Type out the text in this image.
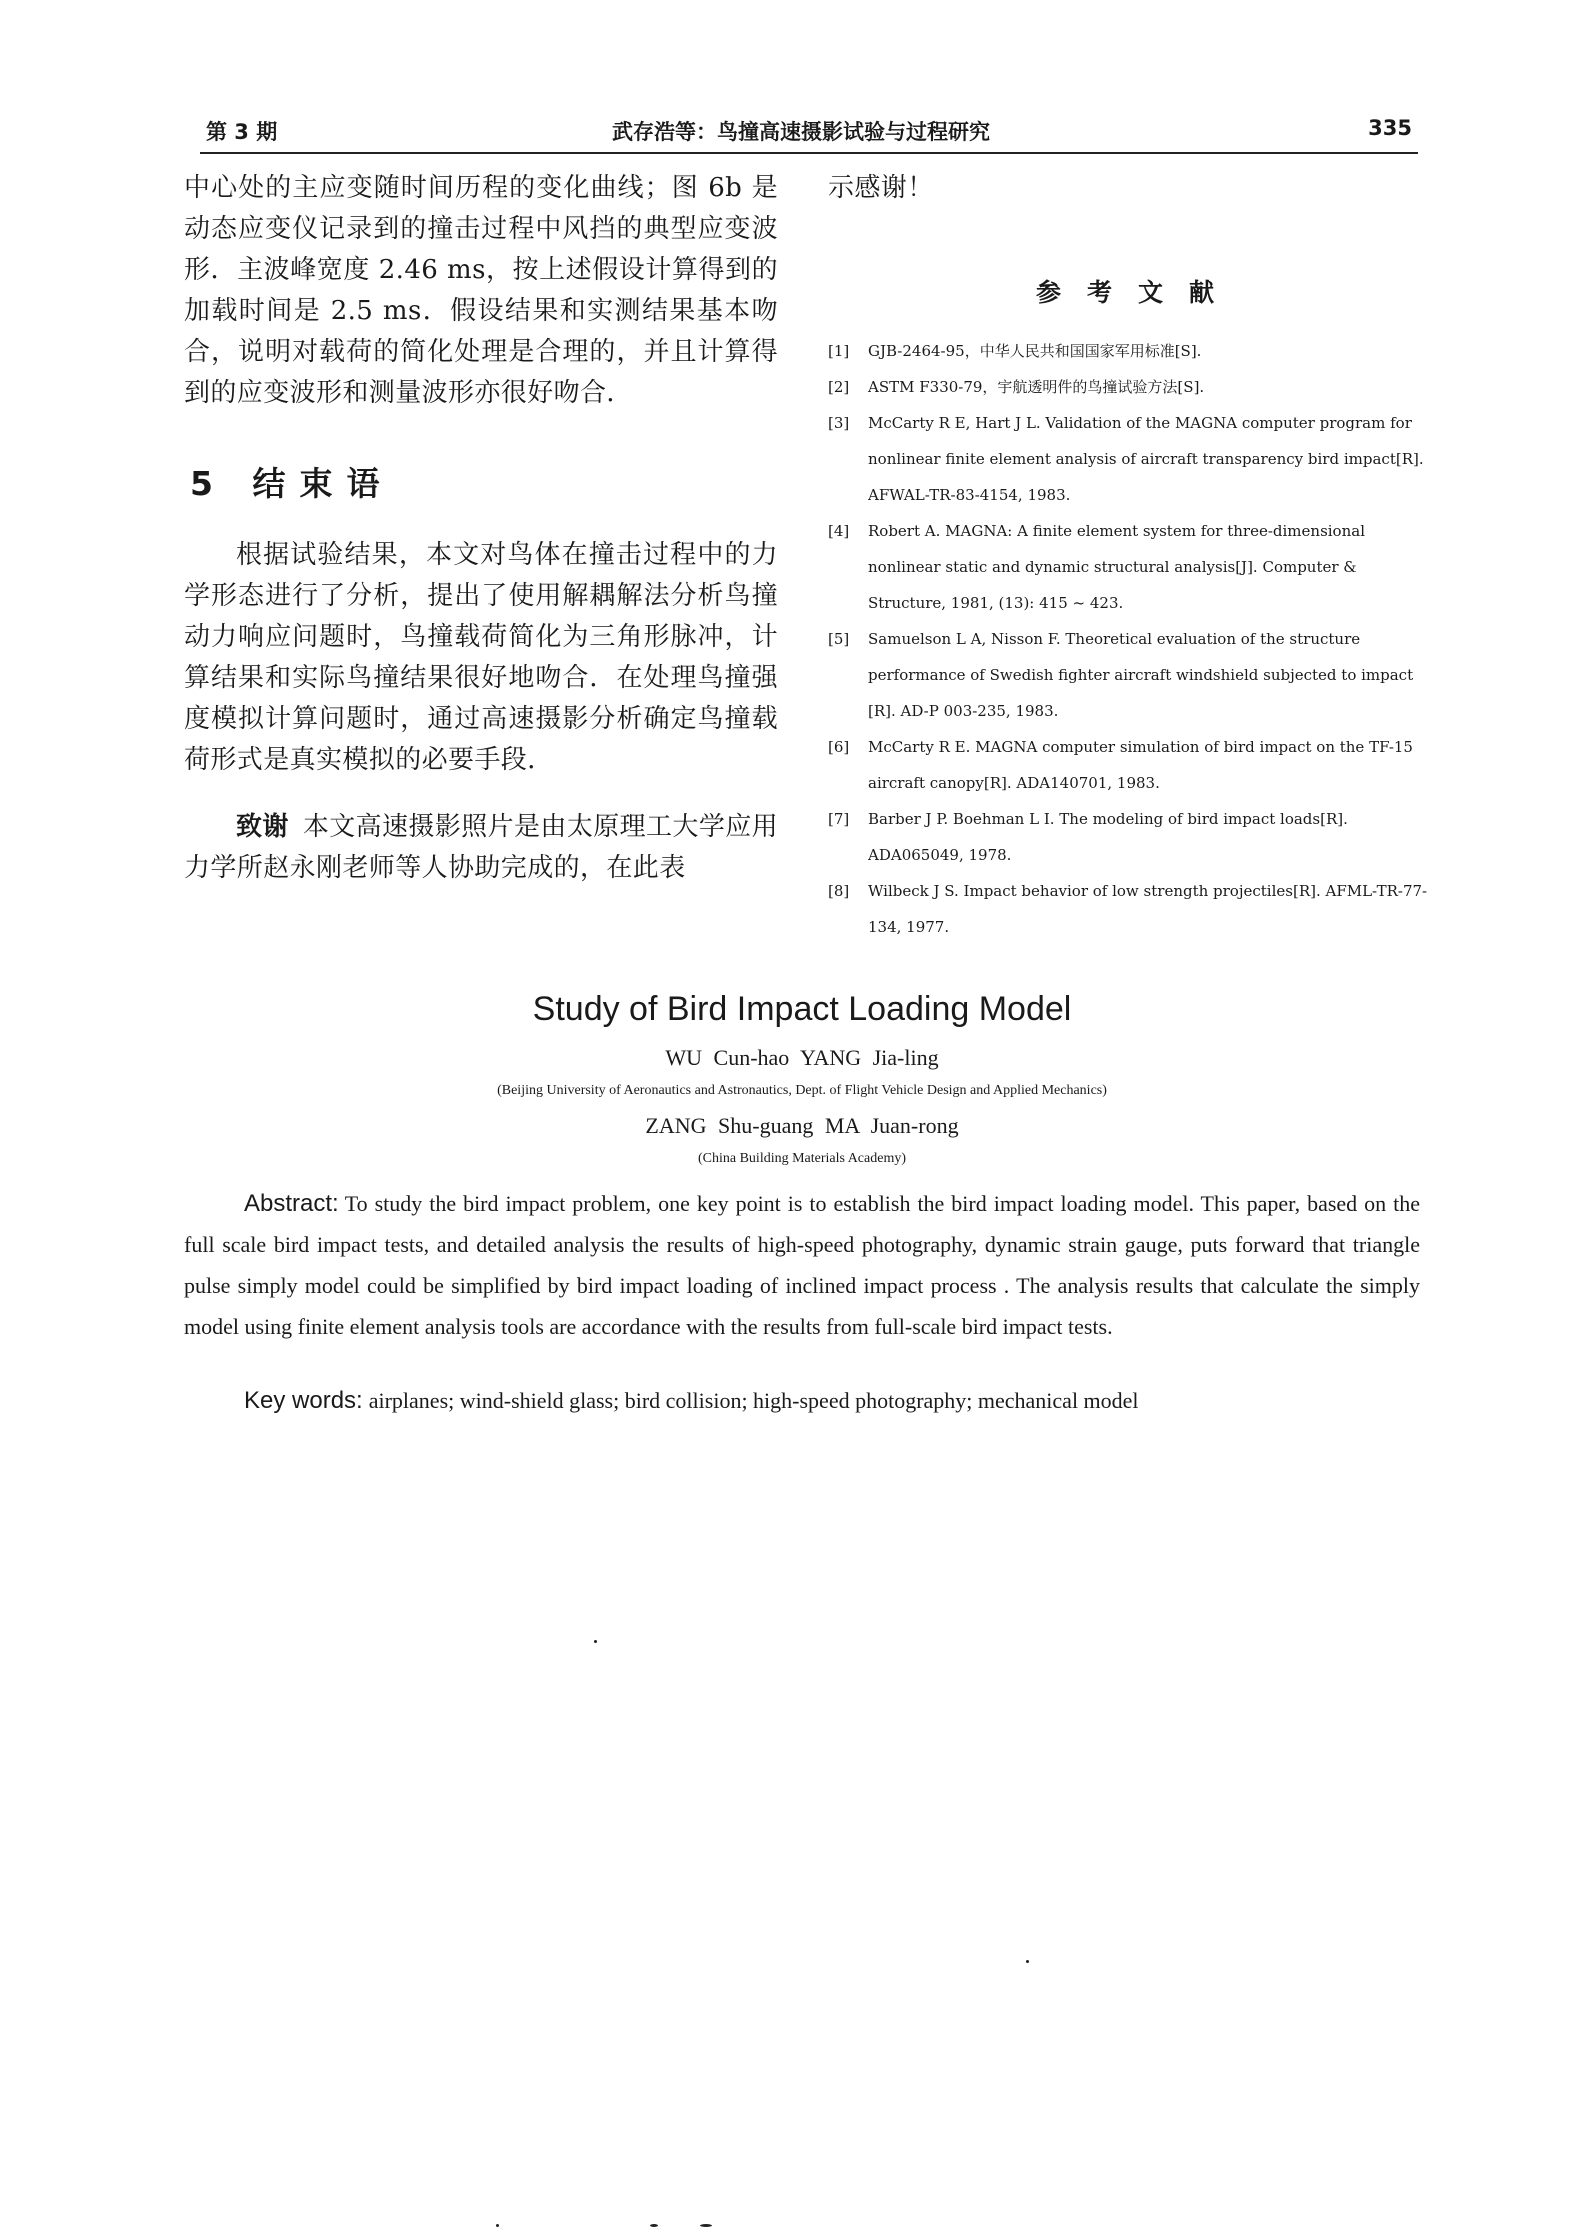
第 3 期	武存浩等：鸟撞高速摄影试验与过程研究	335

中心处的主应变随时间历程的变化曲线；图 6b 是动态应变仪记录到的撞击过程中风挡的典型应变波形．主波峰宽度 2.46 ms，按上述假设计算得到的加载时间是 2.5 ms．假设结果和实测结果基本吻合，说明对载荷的简化处理是合理的，并且计算得到的应变波形和测量波形亦很好吻合．

5 结束语

根据试验结果，本文对鸟体在撞击过程中的力学形态进行了分析，提出了使用解耦解法分析鸟撞动力响应问题时，鸟撞载荷简化为三角形脉冲，计算结果和实际鸟撞结果很好地吻合．在处理鸟撞强度模拟计算问题时，通过高速摄影分析确定鸟撞载荷形式是真实模拟的必要手段．

致谢 本文高速摄影照片是由太原理工大学应用力学所赵永刚老师等人协助完成的，在此表

示感谢！

参考文献
[1]	GJB-2464-95，中华人民共和国国家军用标准[S].
[2]	ASTM F330-79，宇航透明件的鸟撞试验方法[S].
[3]	McCarty R E, Hart J L. Validation of the MAGNA computer program for nonlinear finite element analysis of aircraft transparency bird impact[R]. AFWAL-TR-83-4154, 1983.
[4]	Robert A. MAGNA: A finite element system for three-dimensional nonlinear static and dynamic structural analysis[J]. Computer & Structure, 1981, (13): 415 ~ 423.
[5]	Samuelson L A, Nisson F. Theoretical evaluation of the structure performance of Swedish fighter aircraft windshield subjected to impact [R]. AD-P 003-235, 1983.
[6]	McCarty R E. MAGNA computer simulation of bird impact on the TF-15 aircraft canopy[R]. ADA140701, 1983.
[7]	Barber J P. Boehman L I. The modeling of bird impact loads[R]. ADA065049, 1978.
[8]	Wilbeck J S. Impact behavior of low strength projectiles[R]. AFML-TR-77-134, 1977.
Study of Bird Impact Loading Model
WU Cun-hao YANG Jia-ling
(Beijing University of Aeronautics and Astronautics, Dept. of Flight Vehicle Design and Applied Mechanics)
ZANG Shu-guang MA Juan-rong
(China Building Materials Academy)

Abstract: To study the bird impact problem, one key point is to establish the bird impact loading model. This paper, based on the full scale bird impact tests, and detailed analysis the results of high-speed photography, dynamic strain gauge, puts forward that triangle pulse simply model could be simplified by bird impact loading of inclined impact process . The analysis results that calculate the simply model using finite element analysis tools are accordance with the results from full-scale bird impact tests.

Key words: airplanes; wind-shield glass; bird collision; high-speed photography; mechanical model
